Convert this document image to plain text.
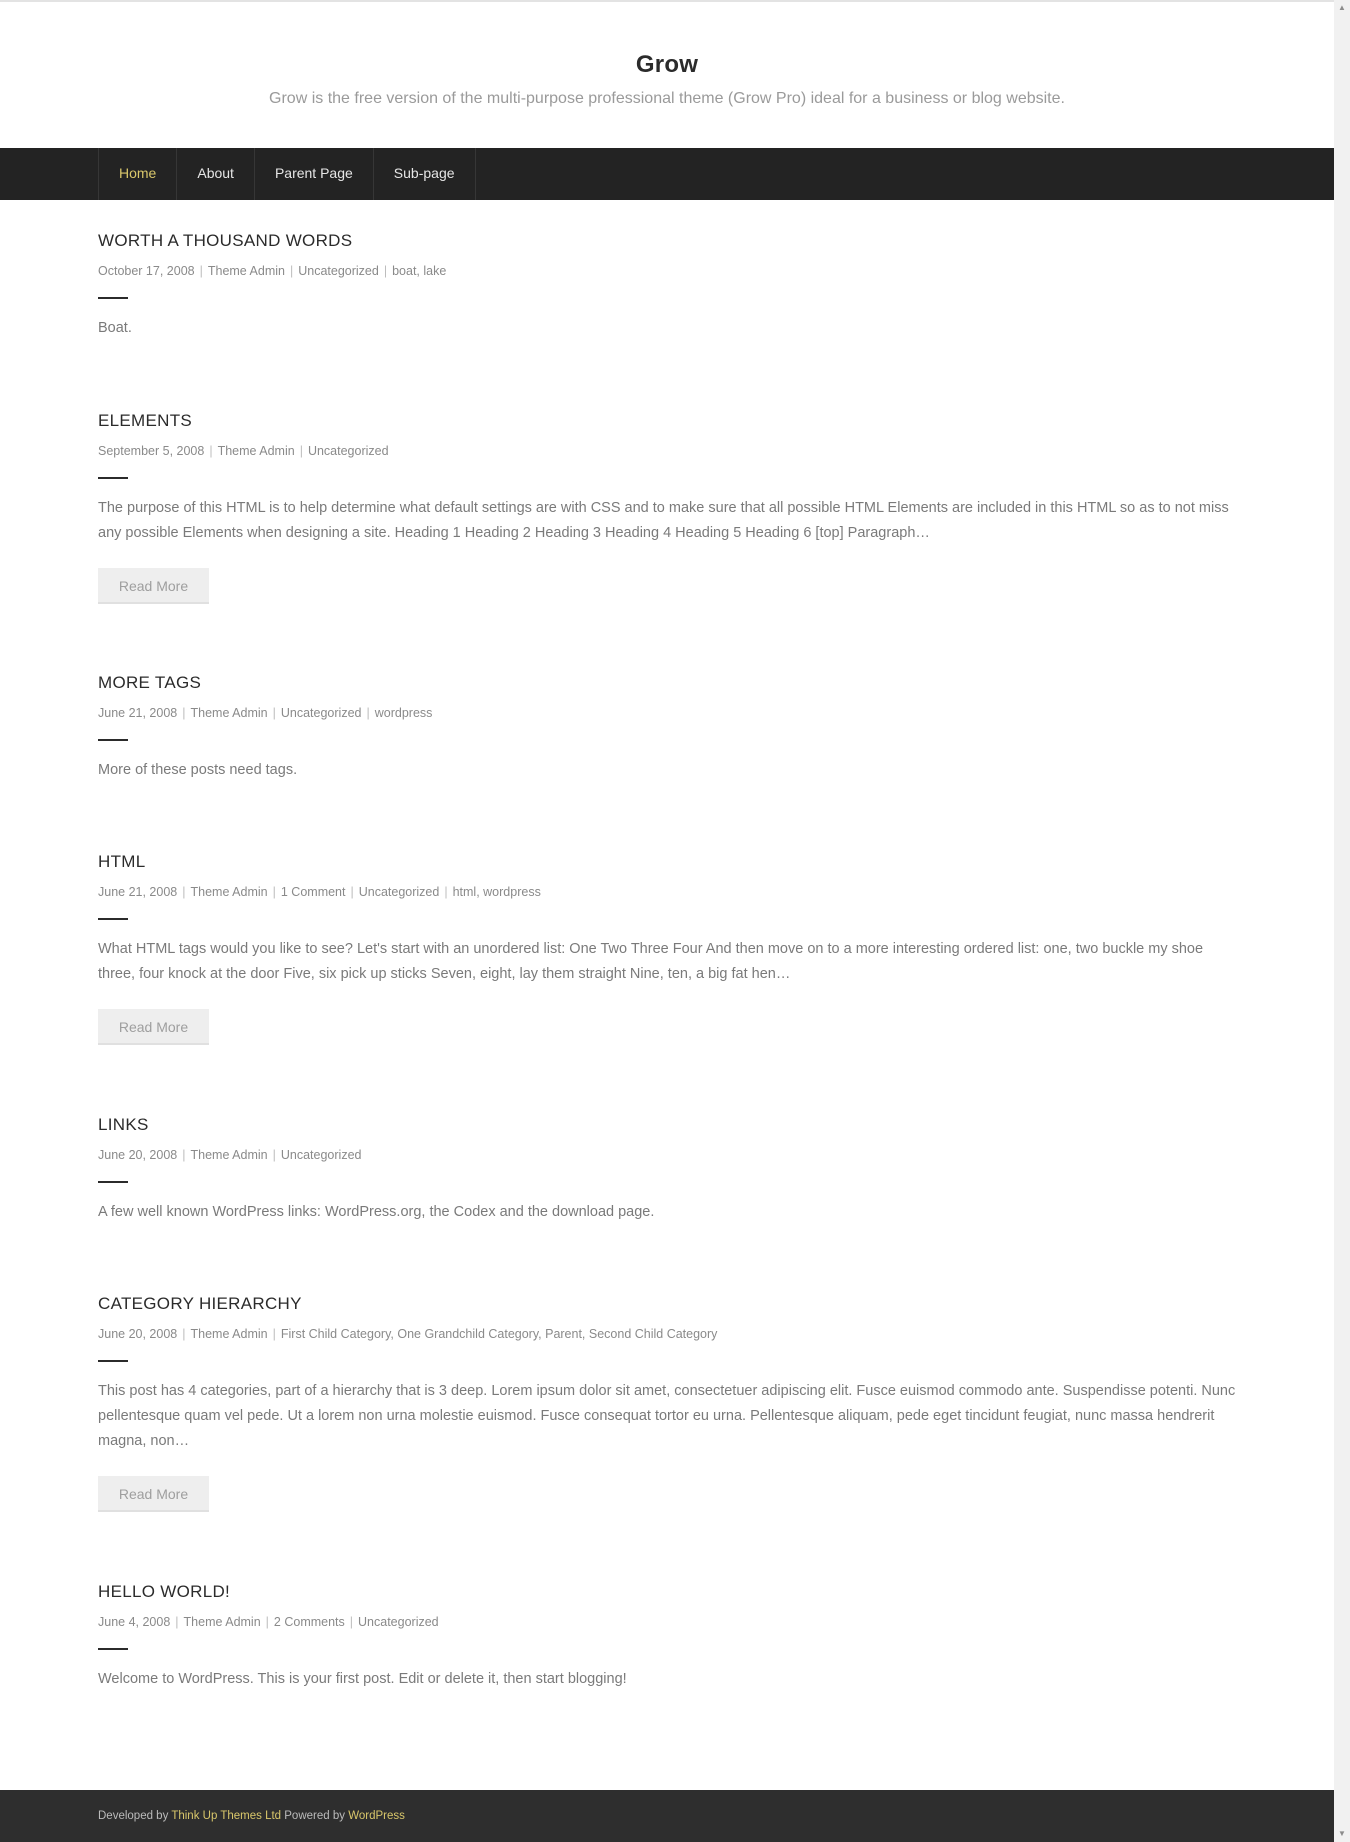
Grow
Grow is the free version of the multi-purpose professional theme (Grow Pro) ideal for a business or blog website.
Home	About	Parent Page	Sub-page
WORTH A THOUSAND WORDS
October 17, 2008 | Theme Admin | Uncategorized | boat, lake
Boat.
ELEMENTS
September 5, 2008 | Theme Admin | Uncategorized
The purpose of this HTML is to help determine what default settings are with CSS and to make sure that all possible HTML Elements are included in this HTML so as to not miss any possible Elements when designing a site. Heading 1 Heading 2 Heading 3 Heading 4 Heading 5 Heading 6 [top] Paragraph…
Read More
MORE TAGS
June 21, 2008 | Theme Admin | Uncategorized | wordpress
More of these posts need tags.
HTML
June 21, 2008 | Theme Admin | 1 Comment | Uncategorized | html, wordpress
What HTML tags would you like to see? Let's start with an unordered list: One Two Three Four And then move on to a more interesting ordered list: one, two buckle my shoe three, four knock at the door Five, six pick up sticks Seven, eight, lay them straight Nine, ten, a big fat hen…
Read More
LINKS
June 20, 2008 | Theme Admin | Uncategorized
A few well known WordPress links: WordPress.org, the Codex and the download page.
CATEGORY HIERARCHY
June 20, 2008 | Theme Admin | First Child Category, One Grandchild Category, Parent, Second Child Category
This post has 4 categories, part of a hierarchy that is 3 deep. Lorem ipsum dolor sit amet, consectetuer adipiscing elit. Fusce euismod commodo ante. Suspendisse potenti. Nunc pellentesque quam vel pede. Ut a lorem non urna molestie euismod. Fusce consequat tortor eu urna. Pellentesque aliquam, pede eget tincidunt feugiat, nunc massa hendrerit magna, non…
Read More
HELLO WORLD!
June 4, 2008 | Theme Admin | 2 Comments | Uncategorized
Welcome to WordPress. This is your first post. Edit or delete it, then start blogging!
Developed by Think Up Themes Ltd Powered by WordPress
▲
▼
